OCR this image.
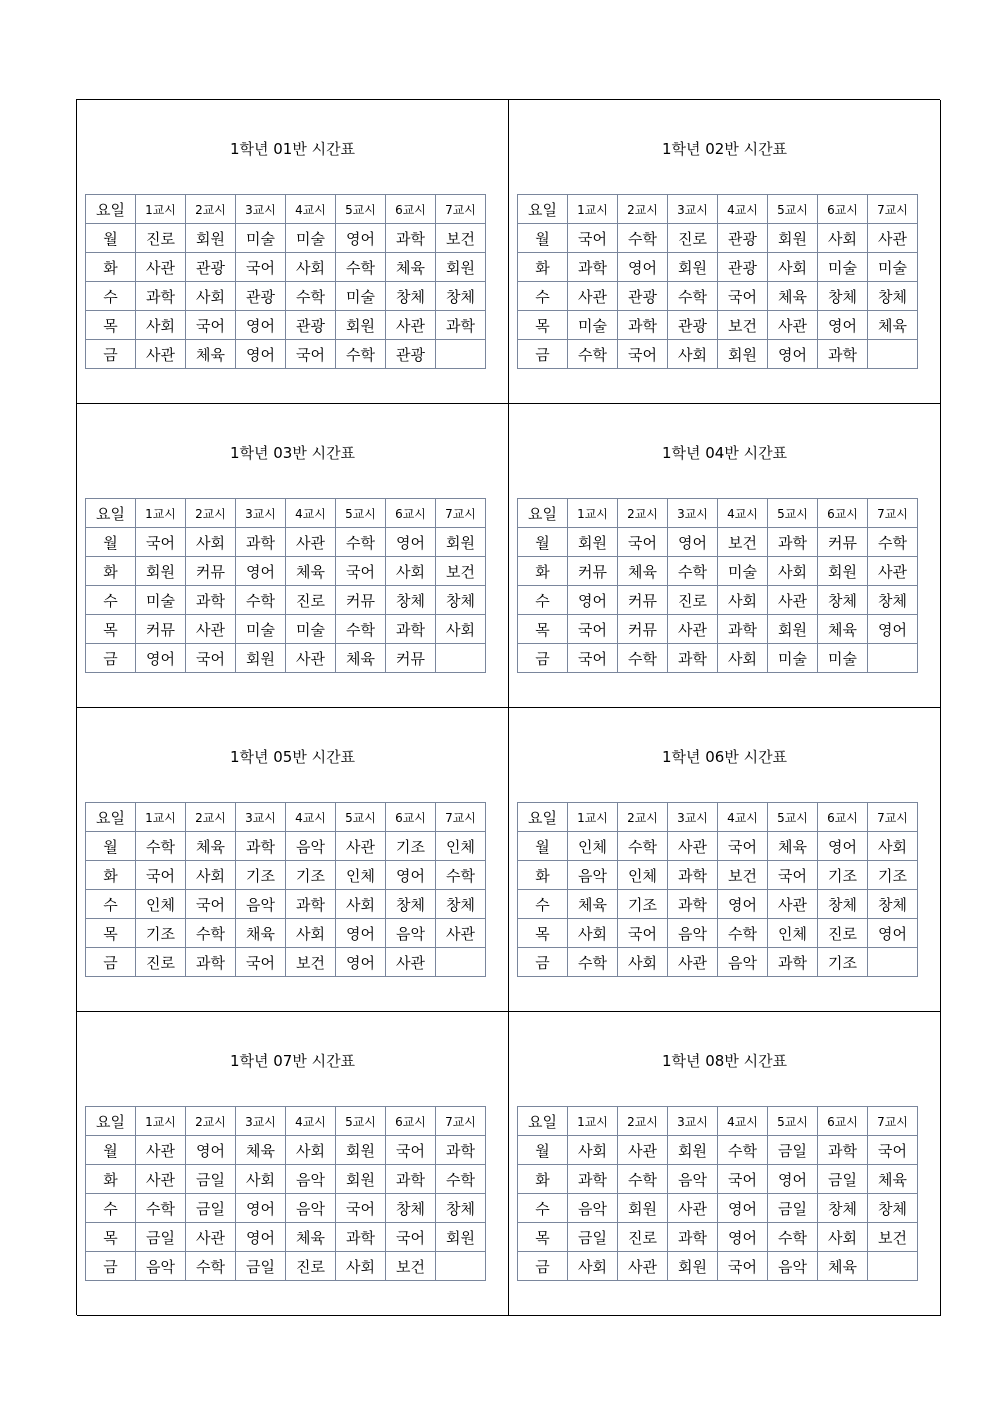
1학년 01반 시간표
요일	1교시	2교시	3교시	4교시	5교시	6교시	7교시
월	진로	회원	미술	미술	영어	과학	보건
화	사관	관광	국어	사회	수학	체육	회원
수	과학	사회	관광	수학	미술	창체	창체
목	사회	국어	영어	관광	회원	사관	과학
금	사관	체육	영어	국어	수학	관광	
1학년 02반 시간표
요일	1교시	2교시	3교시	4교시	5교시	6교시	7교시
월	국어	수학	진로	관광	회원	사회	사관
화	과학	영어	회원	관광	사회	미술	미술
수	사관	관광	수학	국어	체육	창체	창체
목	미술	과학	관광	보건	사관	영어	체육
금	수학	국어	사회	회원	영어	과학	
1학년 03반 시간표
요일	1교시	2교시	3교시	4교시	5교시	6교시	7교시
월	국어	사회	과학	사관	수학	영어	회원
화	회원	커뮤	영어	체육	국어	사회	보건
수	미술	과학	수학	진로	커뮤	창체	창체
목	커뮤	사관	미술	미술	수학	과학	사회
금	영어	국어	회원	사관	체육	커뮤	
1학년 04반 시간표
요일	1교시	2교시	3교시	4교시	5교시	6교시	7교시
월	회원	국어	영어	보건	과학	커뮤	수학
화	커뮤	체육	수학	미술	사회	회원	사관
수	영어	커뮤	진로	사회	사관	창체	창체
목	국어	커뮤	사관	과학	회원	체육	영어
금	국어	수학	과학	사회	미술	미술	
1학년 05반 시간표
요일	1교시	2교시	3교시	4교시	5교시	6교시	7교시
월	수학	체육	과학	음악	사관	기조	인체
화	국어	사회	기조	기조	인체	영어	수학
수	인체	국어	음악	과학	사회	창체	창체
목	기조	수학	채육	사회	영어	음악	사관
금	진로	과학	국어	보건	영어	사관	
1학년 06반 시간표
요일	1교시	2교시	3교시	4교시	5교시	6교시	7교시
월	인체	수학	사관	국어	체육	영어	사회
화	음악	인체	과학	보건	국어	기조	기조
수	체육	기조	과학	영어	사관	창체	창체
목	사회	국어	음악	수학	인체	진로	영어
금	수학	사회	사관	음악	과학	기조	
1학년 07반 시간표
요일	1교시	2교시	3교시	4교시	5교시	6교시	7교시
월	사관	영어	체육	사회	회원	국어	과학
화	사관	금일	사회	음악	회원	과학	수학
수	수학	금일	영어	음악	국어	창체	창체
목	금일	사관	영어	체육	과학	국어	회원
금	음악	수학	금일	진로	사회	보건	
1학년 08반 시간표
요일	1교시	2교시	3교시	4교시	5교시	6교시	7교시
월	사회	사관	회원	수학	금일	과학	국어
화	과학	수학	음악	국어	영어	금일	체육
수	음악	회원	사관	영어	금일	창체	창체
목	금일	진로	과학	영어	수학	사회	보건
금	사회	사관	회원	국어	음악	체육	
